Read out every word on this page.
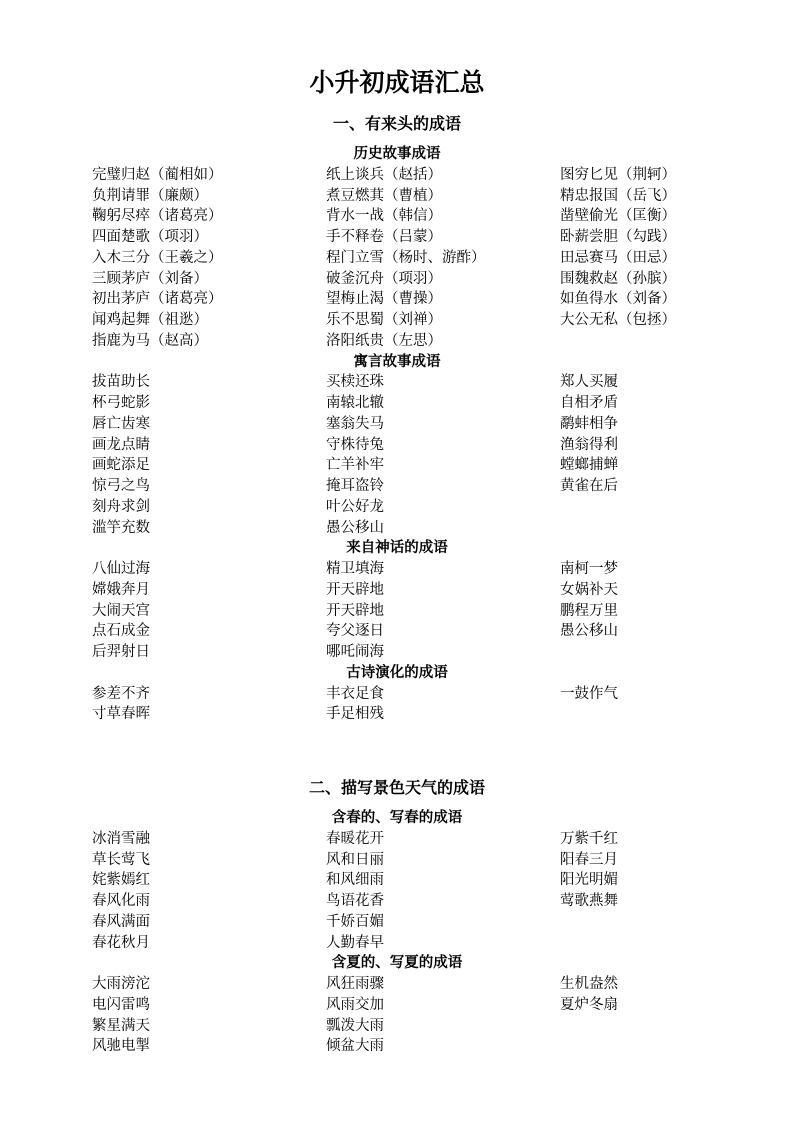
小升初成语汇总
一、有来头的成语
历史故事成语
完璧归赵（蔺相如）	纸上谈兵（赵括）	图穷匕见（荆轲）
负荆请罪（廉颇）	煮豆燃萁（曹植）	精忠报国（岳飞）
鞠躬尽瘁（诸葛亮）	背水一战（韩信）	凿壁偷光（匡衡）
四面楚歌（项羽）	手不释卷（吕蒙）	卧薪尝胆（勾践）
入木三分（王羲之）	程门立雪（杨时、游酢）	田忌赛马（田忌）
三顾茅庐（刘备）	破釜沉舟（项羽）	围魏救赵（孙膑）
初出茅庐（诸葛亮）	望梅止渴（曹操）	如鱼得水（刘备）
闻鸡起舞（祖逖）	乐不思蜀（刘禅）	大公无私（包拯）
指鹿为马（赵高）	洛阳纸贵（左思）
寓言故事成语
拔苗助长	买椟还珠	郑人买履
杯弓蛇影	南辕北辙	自相矛盾
唇亡齿寒	塞翁失马	鹬蚌相争
画龙点睛	守株待兔	渔翁得利
画蛇添足	亡羊补牢	螳螂捕蝉
惊弓之鸟	掩耳盗铃	黄雀在后
刻舟求剑	叶公好龙
滥竽充数	愚公移山
来自神话的成语
八仙过海	精卫填海	南柯一梦
嫦娥奔月	开天辟地	女娲补天
大闹天宫	开天辟地	鹏程万里
点石成金	夸父逐日	愚公移山
后羿射日	哪吒闹海
古诗演化的成语
参差不齐	丰衣足食	一鼓作气
寸草春晖	手足相残
二、描写景色天气的成语
含春的、写春的成语
冰消雪融	春暖花开	万紫千红
草长莺飞	风和日丽	阳春三月
姹紫嫣红	和风细雨	阳光明媚
春风化雨	鸟语花香	莺歌燕舞
春风满面	千娇百媚
春花秋月	人勤春早
含夏的、写夏的成语
大雨滂沱	风狂雨骤	生机盎然
电闪雷鸣	风雨交加	夏炉冬扇
繁星满天	瓢泼大雨
风驰电掣	倾盆大雨
